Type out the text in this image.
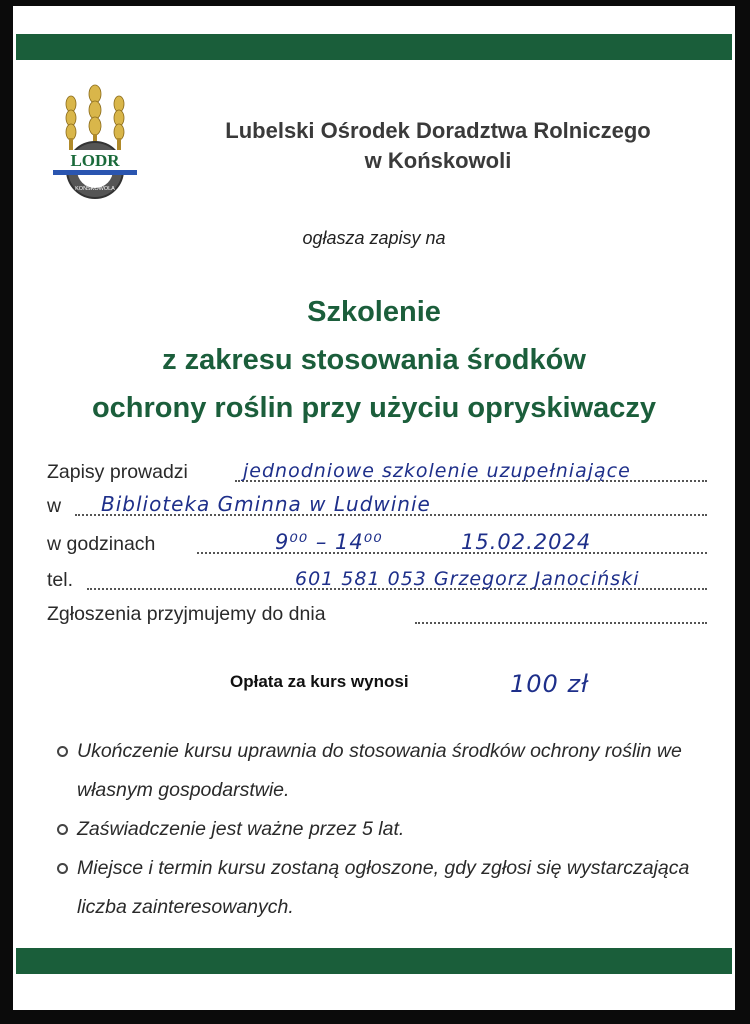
LODR
KOŃSKOWOLA
Lubelski Ośrodek Doradztwa Rolniczego
w Końskowoli
ogłasza zapisy na
Szkolenie
z zakresu stosowania środków
ochrony roślin przy użyciu opryskiwaczy
Zapisy prowadzi	jednodniowe szkolenie uzupełniające
w Biblioteka Gminna w Ludwinie
w godzinach	9⁰⁰ – 14⁰⁰	15.02.2024
tel.	601 581 053 Grzegorz Janociński
Zgłoszenia przyjmujemy do dnia
Opłata za kurs wynosi	100 zł
Ukończenie kursu uprawnia do stosowania środków ochrony roślin we własnym gospodarstwie.
Zaświadczenie jest ważne przez 5 lat.
Miejsce i termin kursu zostaną ogłoszone, gdy zgłosi się wystarczająca liczba zainteresowanych.
